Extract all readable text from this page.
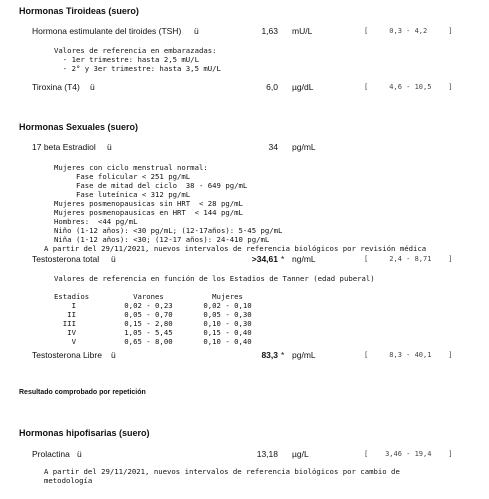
Hormonas Tiroideas (suero)
Hormona estimulante del tiroides (TSH) ü	1,63 mU/L	[     0,3 - 4,2     ]
Valores de referencia en embarazadas:
- 1er trimestre: hasta 2,5 mU/L
- 2° y 3er trimestre: hasta 3,5 mU/L
Tiroxina (T4) ü	6,0 µg/dL	[     4,6 - 10,5    ]
Hormonas Sexuales (suero)
17 beta Estradiol ü	34 pg/mL
Mujeres con ciclo menstrual normal:
Fase folicular < 251 pg/mL
Fase de mitad del ciclo  38 - 649 pg/mL
Fase luteínica < 312 pg/mL
Mujeres posmenopausicas sin HRT  < 28 pg/mL
Mujeres posmenopausicas en HRT  < 144 pg/mL
Hombres:  <44 pg/mL
Niño (1-12 años): <30 pg/mL; (12-17años): 5-45 pg/mL
Niña (1-12 años): <30; (12-17 años): 24-410 pg/mL
A partir del 29/11/2021, nuevos intervalos de referencia biológicos por revisión médica
Testosterona total ü	>34,61 * ng/mL	[     2,4 - 8,71    ]
Valores de referencia en función de los Estadios de Tanner (edad puberal)
Estadíos          Varones           Mujeres
I           0,02 - 0,23       0,02 - 0,10
II           0,05 - 0,70       0,05 - 0,30
III           0,15 - 2,80       0,10 - 0,30
IV           1,05 - 5,45       0,15 - 0,40
V           0,65 - 8,00       0,10 - 0,40
Testosterona Libre ü	83,3 * pg/mL	[     8,3 - 40,1    ]
Resultado comprobado por repetición
Hormonas hipofisarias (suero)
Prolactina ü	13,18 µg/L	[    3,46 - 19,4    ]
A partir del 29/11/2021, nuevos intervalos de referencia biológicos por cambio de
metodología
